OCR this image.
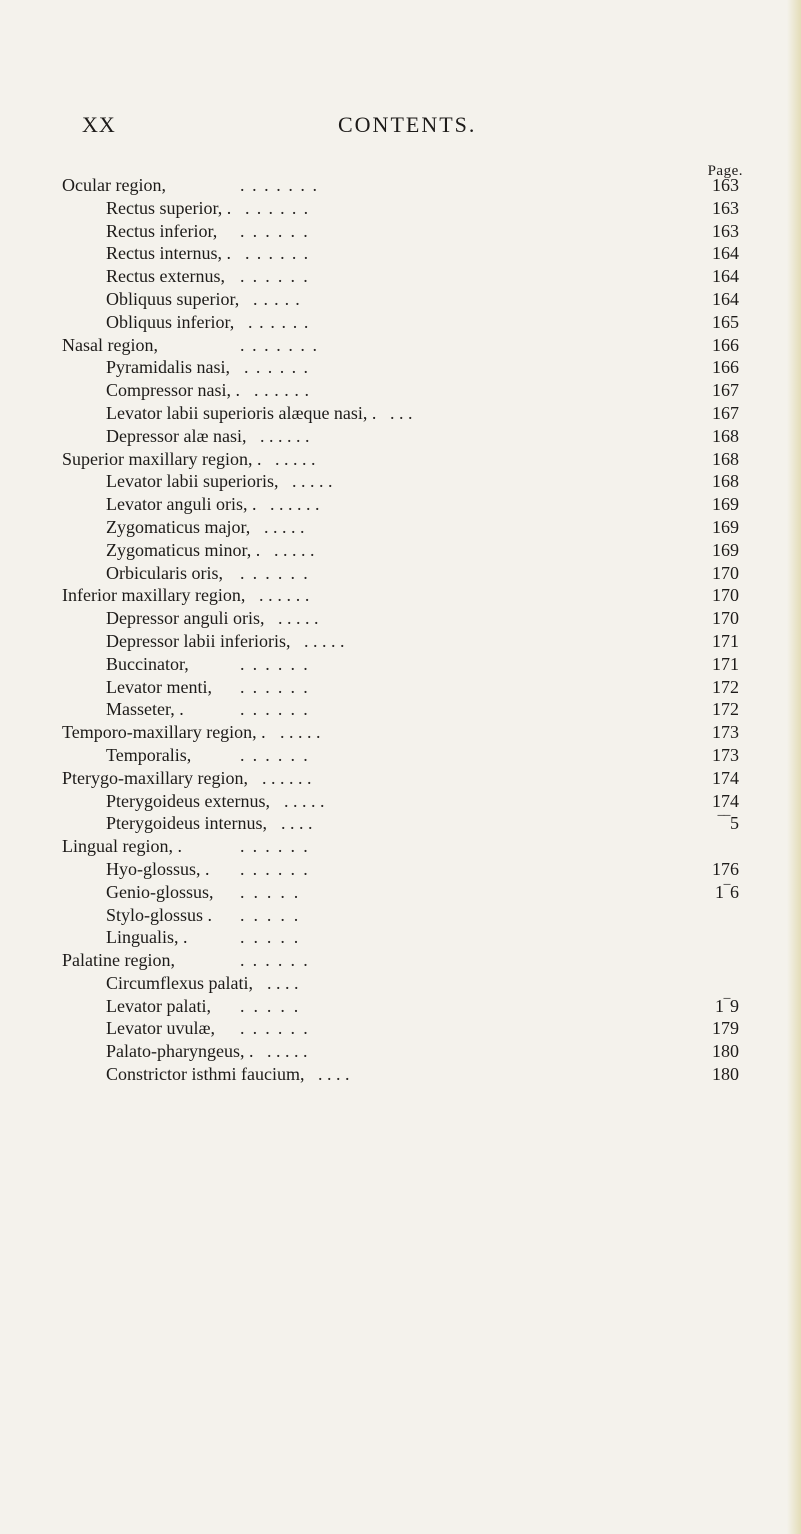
XX	CONTENTS.
Page.
Ocular region,	. . . . . . .	163
Rectus superior, . . . . . . .	163
Rectus inferior, . . . . . .	163
Rectus internus, . . . . . . .	164
Rectus externus, . . . . . .	164
Obliquus superior, . . . . .	164
Obliquus inferior, . . . . . .	165
Nasal region,	. . . . . . .	166
Pyramidalis nasi, . . . . . .	166
Compressor nasi, . . . . . . .	167
Levator labii superioris alæque nasi, . . . .	167
Depressor alæ nasi, . . . . . .	168
Superior maxillary region, . . . . . .	168
Levator labii superioris, . . . . .	168
Levator anguli oris, . . . . . . .	169
Zygomaticus major, . . . . .	169
Zygomaticus minor, . . . . . .	169
Orbicularis oris, . . . . . .	170
Inferior maxillary region, . . . . . .	170
Depressor anguli oris, . . . . .	170
Depressor labii inferioris, . . . . .	171
Buccinator,	. . . . . .	171
Levator menti, . . . . . .	172
Masseter, .	. . . . . .	172
Temporo-maxillary region, . . . . . .	173
Temporalis,	. . . . . .	173
Pterygo-maxillary region, . . . . . .	174
Pterygoideus externus, . . . . .	174
Pterygoideus internus, . . . .	‾‾5
Lingual region, .	. . . . . .
Hyo-glossus, . . . . . . .	176
Genio-glossus, . . . . .	1‾6
Stylo-glossus . . . . . .
Lingualis, .	. . . . .
Palatine region,	. . . . . .
Circumflexus palati, . . . .
Levator palati, . . . . .	1‾9
Levator uvulæ, . . . . . .	179
Palato-pharyngeus, . . . . . .	180
Constrictor isthmi faucium, . . . .	180
